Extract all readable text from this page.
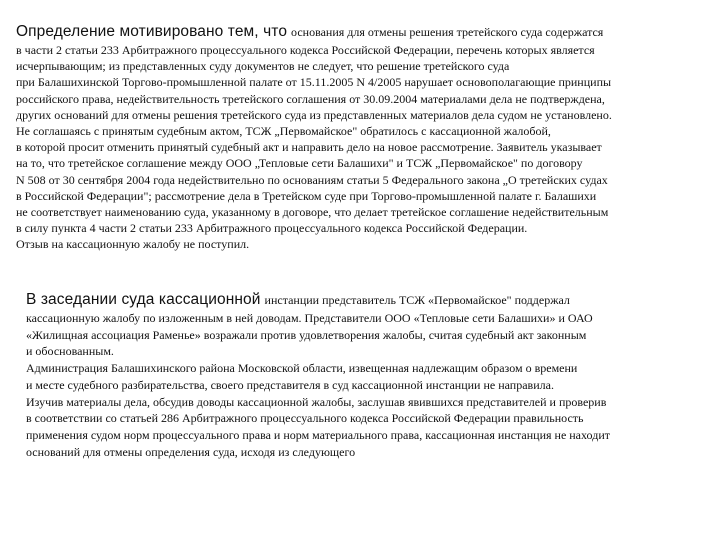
Определение мотивировано тем, что основания для отмены решения третейского суда содержатся
в части 2 статьи 233 Арбитражного процессуального кодекса Российской Федерации, перечень которых является
исчерпывающим; из представленных суду документов не следует, что решение третейского суда
при Балашихинской Торгово-промышленной палате от 15.11.2005 N 4/2005 нарушает основополагающие принципы
российского права, недействительность третейского соглашения от 30.09.2004 материалами дела не подтверждена,
других оснований для отмены решения третейского суда из представленных материалов дела судом не установлено.
Не соглашаясь с принятым судебным актом, ТСЖ „Первомайское" обратилось с кассационной жалобой,
в которой просит отменить принятый судебный акт и направить дело на новое рассмотрение. Заявитель указывает
на то, что третейское соглашение между ООО „Тепловые сети Балашихи" и ТСЖ „Первомайское" по договору
N 508 от 30 сентября 2004 года недействительно по основаниям статьи 5 Федерального закона „О третейских судах
в Российской Федерации"; рассмотрение дела в Третейском суде при Торгово-промышленной палате г. Балашихи
не соответствует наименованию суда, указанному в договоре, что делает третейское соглашение недействительным
в силу пункта 4 части 2 статьи 233 Арбитражного процессуального кодекса Российской Федерации.
Отзыв на кассационную жалобу не поступил.
В заседании суда кассационной инстанции представитель ТСЖ «Первомайское" поддержал
кассационную жалобу по изложенным в ней доводам. Представители ООО «Тепловые сети Балашихи» и ОАО
«Жилищная ассоциация Раменье» возражали против удовлетворения жалобы, считая судебный акт законным
и обоснованным.
Администрация Балашихинского района Московской области, извещенная надлежащим образом о времени
и месте судебного разбирательства, своего представителя в суд кассационной инстанции не направила.
Изучив материалы дела, обсудив доводы кассационной жалобы, заслушав явившихся представителей и проверив
в соответствии со статьей 286 Арбитражного процессуального кодекса Российской Федерации правильность
применения судом норм процессуального права и норм материального права, кассационная инстанция не находит
оснований для отмены определения суда, исходя из следующего
